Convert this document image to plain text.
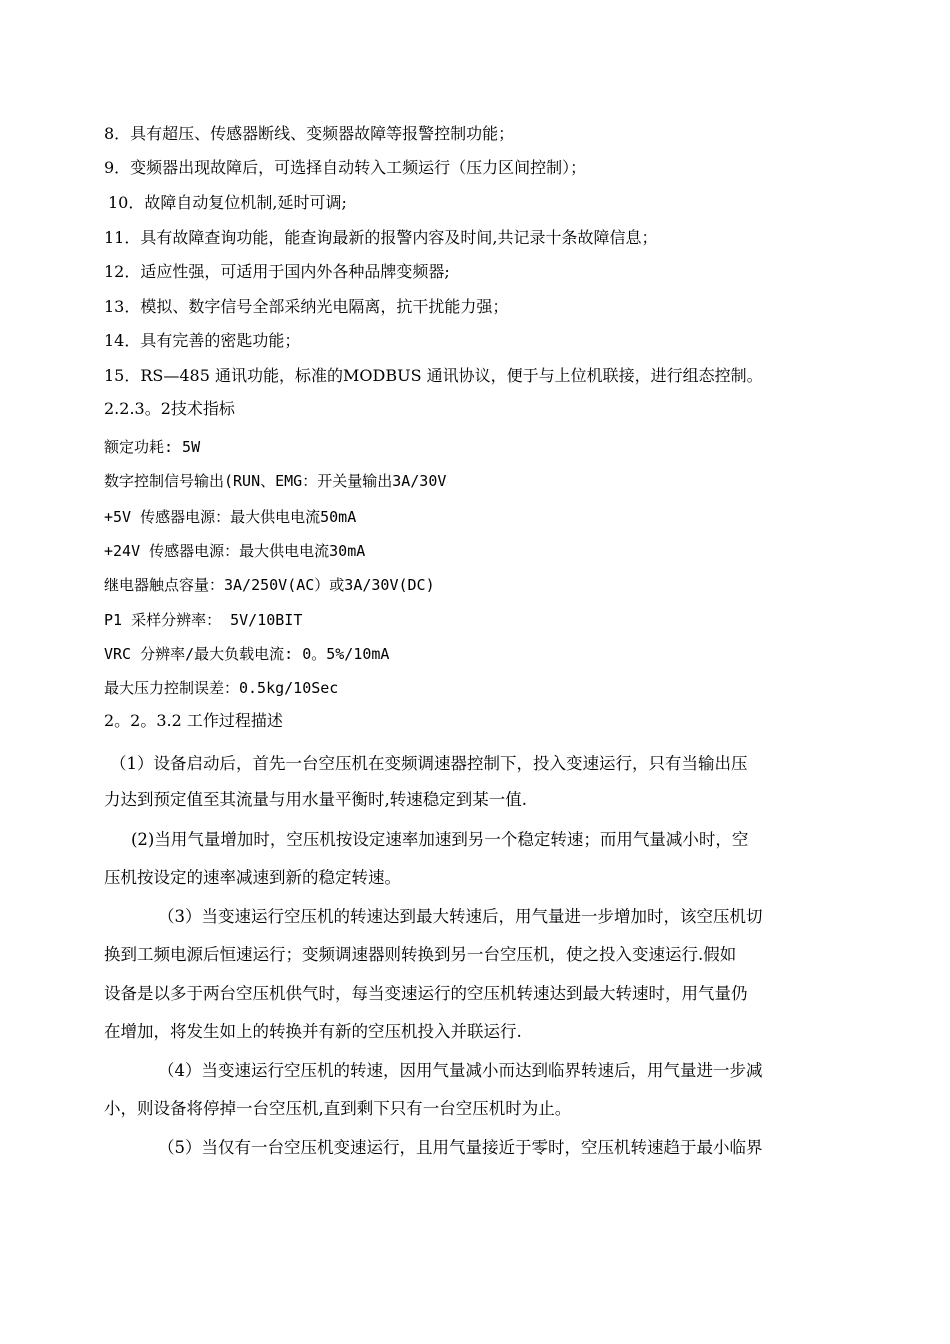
8．具有超压、传感器断线、变频器故障等报警控制功能；
9．变频器出现故障后，可选择自动转入工频运行（压力区间控制）；
10．故障自动复位机制,延时可调;
11．具有故障查询功能，能查询最新的报警内容及时间,共记录十条故障信息；
12．适应性强，可适用于国内外各种品牌变频器;
13．模拟、数字信号全部采纳光电隔离，抗干扰能力强；
14．具有完善的密匙功能；
15．RS—485 通讯功能，标准的MODBUS 通讯协议，便于与上位机联接，进行组态控制。
2.2.3。2技术指标
额定功耗: 5W
数字控制信号输出(RUN、EMG：开关量输出3A/30V
+5V 传感器电源：最大供电电流50mA
+24V 传感器电源：最大供电电流30mA
继电器触点容量：3A/250V(AC）或3A/30V(DC)
P1 采样分辨率： 5V/10BIT
VRC 分辨率/最大负载电流: 0。5%/10mA
最大压力控制误差：0.5kg/10Sec
2。2。3.2 工作过程描述
（1）设备启动后，首先一台空压机在变频调速器控制下，投入变速运行，只有当输出压
力达到预定值至其流量与用水量平衡时,转速稳定到某一值.
(2)当用气量增加时，空压机按设定速率加速到另一个稳定转速；而用气量减小时，空
压机按设定的速率减速到新的稳定转速。
（3）当变速运行空压机的转速达到最大转速后，用气量进一步增加时，该空压机切
换到工频电源后恒速运行；变频调速器则转换到另一台空压机，使之投入变速运行.假如
设备是以多于两台空压机供气时，每当变速运行的空压机转速达到最大转速时，用气量仍
在增加，将发生如上的转换并有新的空压机投入并联运行.
（4）当变速运行空压机的转速，因用气量减小而达到临界转速后，用气量进一步减
小，则设备将停掉一台空压机,直到剩下只有一台空压机时为止。
（5）当仅有一台空压机变速运行，且用气量接近于零时，空压机转速趋于最小临界
